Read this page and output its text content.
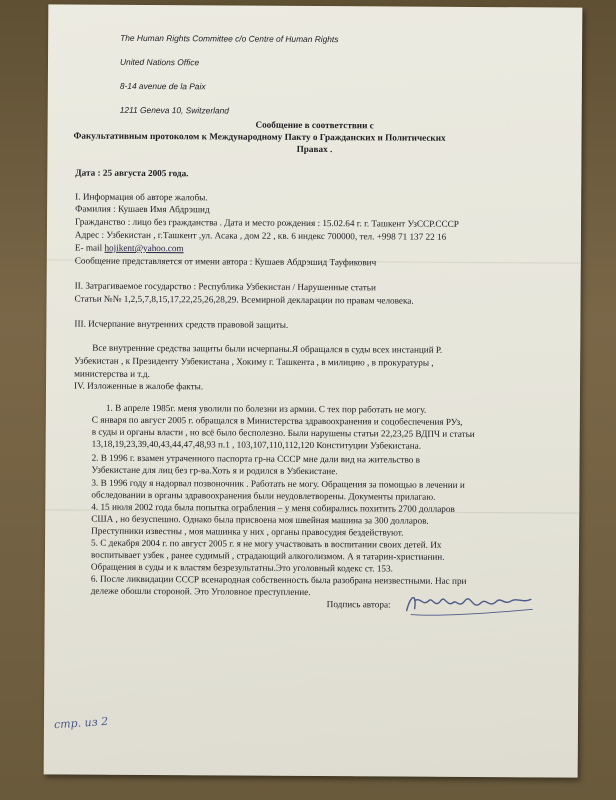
The Human Rights Committee c/o Centre of Human Rights
United Nations Office
8-14 avenue de la Paix
1211 Geneva 10, Switzerland
Сообщение в соответствии с
Факультативным протоколом к Международному Пакту о Гражданских и Политических
Правах .
Дата : 25 августа 2005 года.
I. Информация об авторе жалобы.
Фамилия : Кушаев Имя Абдрэшид
Гражданство : лицо без гражданства . Дата и место рождения : 15.02.64 г. г. Ташкент УзССР.СССР
Адрес : Узбекистан , г.Ташкент ,ул. Асака , дом 22 , кв. 6 индекс 700000, тел. +998 71 137 22 16
E- mail hojikent@yahoo.com
Сообщение представляется от имени автора : Кушаев Абдрэшид Тауфикович
II. Затрагиваемое государство : Республика Узбекистан / Нарушенные статьи
Статьи №№ 1,2,5,7,8,15,17,22,25,26,28,29. Всемирной декларации по правам человека.
III. Исчерпание внутренних средств правовой защиты.
Все внутренние средства защиты были исчерпаны.Я обращался в суды всех инстанций Р.
Узбекистан , к Президенту Узбекистана , Хокиму г. Ташкента , в милицию , в прокуратуры ,
министерства и т.д.
IV. Изложенные в жалобе факты.
1. В апреле 1985г. меня уволили по болезни из армии. С тех пор работать не могу.
С января по август 2005 г. обращался в Министерства здравоохранения и соцобеспечения РУз,
в суды и органы власти , но всё было бесполезно. Были нарушены статьи 22,23,25 ВДПЧ и статьи
13,18,19,23,39,40,43,44,47,48,93 п.1 , 103,107,110,112,120 Конституции Узбекистана.
2. В 1996 г. взамен утраченного паспорта гр-на СССР мне дали вид на жительство в
Узбекистане для лиц без гр-ва.Хоть я и родился в Узбекистане.
3. В 1996 году я надорвал позвоночник . Работать не могу. Обращения за помощью в лечении и
обследовании в органы здравоохранения были неудовлетворены. Документы прилагаю.
4. 15 июля 2002 года была попытка ограбления – у меня собирались похитить 2700 долларов
США , но безуспешно. Однако была присвоена моя швейная машина за 300 долларов.
Преступники известны , моя машинка у них , органы правосудия бездействуют.
5. С декабря 2004 г. по август 2005 г. я не могу участвовать в воспитании своих детей. Их
воспитывает узбек , ранее судимый , страдающий алкоголизмом. А я татарин-христианин.
Обращения в суды и к властям безрезультатны.Это уголовный кодекс ст. 153.
6. После ликвидации СССР всенародная собственность была разобрана неизвестными. Нас при
дележе обошли стороной. Это Уголовное преступление.
Подпись автора:
стр. из 2
